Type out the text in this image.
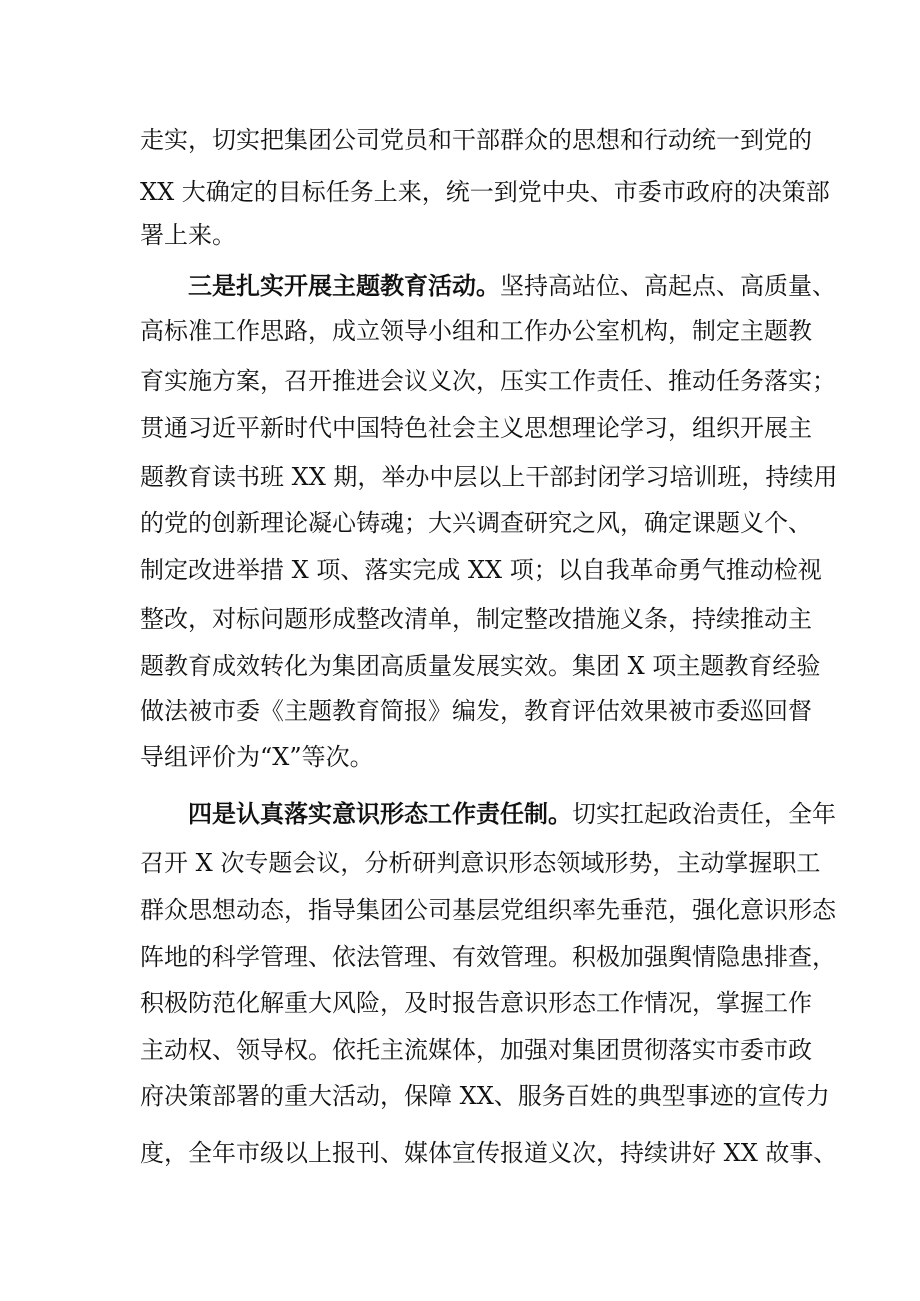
走实，切实把集团公司党员和干部群众的思想和行动统一到党的
XX 大确定的目标任务上来，统一到党中央、市委市政府的决策部
署上来。
三是扎实开展主题教育活动。坚持高站位、高起点、高质量、
高标准工作思路，成立领导小组和工作办公室机构，制定主题教
育实施方案，召开推进会议义次，压实工作责任、推动任务落实；
贯通习近平新时代中国特色社会主义思想理论学习，组织开展主
题教育读书班 XX 期，举办中层以上干部封闭学习培训班，持续用
的党的创新理论凝心铸魂；大兴调查研究之风，确定课题义个、
制定改进举措 X 项、落实完成 XX 项；以自我革命勇气推动检视
整改，对标问题形成整改清单，制定整改措施义条，持续推动主
题教育成效转化为集团高质量发展实效。集团 X 项主题教育经验
做法被市委《主题教育简报》编发，教育评估效果被市委巡回督
导组评价为“X”等次。
四是认真落实意识形态工作责任制。切实扛起政治责任，全年
召开 X 次专题会议，分析研判意识形态领域形势，主动掌握职工
群众思想动态，指导集团公司基层党组织率先垂范，强化意识形态
阵地的科学管理、依法管理、有效管理。积极加强舆情隐患排查，
积极防范化解重大风险，及时报告意识形态工作情况，掌握工作
主动权、领导权。依托主流媒体，加强对集团贯彻落实市委市政
府决策部署的重大活动，保障 XX、服务百姓的典型事迹的宣传力
度，全年市级以上报刊、媒体宣传报道义次，持续讲好 XX 故事、
